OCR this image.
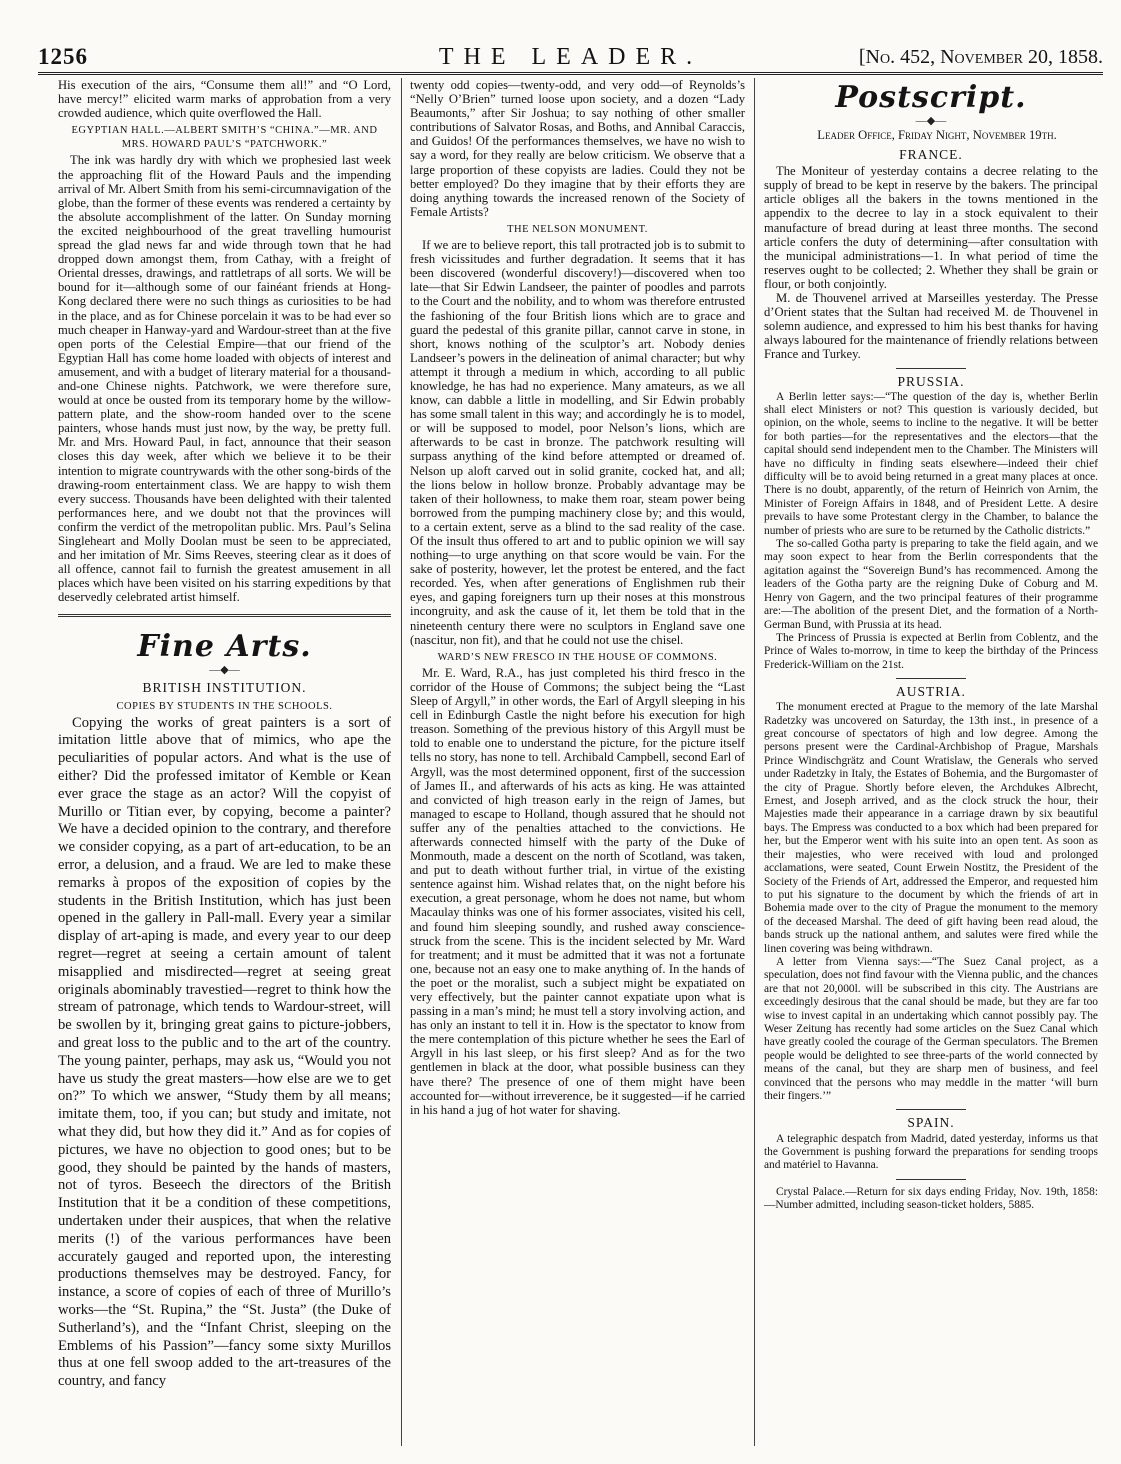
1256	THE LEADER.	[No. 452, November 20, 1858.

His execution of the airs, “Consume them all!” and “O Lord, have mercy!” elicited warm marks of approbation from a very crowded audience, which quite overflowed the Hall.

EGYPTIAN HALL.—ALBERT SMITH’S “CHINA.”—MR. AND MRS. HOWARD PAUL’S “PATCHWORK.”

The ink was hardly dry with which we prophesied last week the approaching flit of the Howard Pauls and the impending arrival of Mr. Albert Smith from his semi-circumnavigation of the globe, than the former of these events was rendered a certainty by the absolute accomplishment of the latter. On Sunday morning the excited neighbourhood of the great travelling humourist spread the glad news far and wide through town that he had dropped down amongst them, from Cathay, with a freight of Oriental dresses, drawings, and rattletraps of all sorts. We will be bound for it—although some of our fainéant friends at Hong-Kong declared there were no such things as curiosities to be had in the place, and as for Chinese porcelain it was to be had ever so much cheaper in Hanway-yard and Wardour-street than at the five open ports of the Celestial Empire—that our friend of the Egyptian Hall has come home loaded with objects of interest and amusement, and with a budget of literary material for a thousand-and-one Chinese nights. Patchwork, we were therefore sure, would at once be ousted from its temporary home by the willow-pattern plate, and the show-room handed over to the scene painters, whose hands must just now, by the way, be pretty full. Mr. and Mrs. Howard Paul, in fact, announce that their season closes this day week, after which we believe it to be their intention to migrate countrywards with the other song-birds of the drawing-room entertainment class. We are happy to wish them every success. Thousands have been delighted with their talented performances here, and we doubt not that the provinces will confirm the verdict of the metropolitan public. Mrs. Paul’s Selina Singleheart and Molly Doolan must be seen to be appreciated, and her imitation of Mr. Sims Reeves, steering clear as it does of all offence, cannot fail to furnish the greatest amusement in all places which have been visited on his starring expeditions by that deservedly celebrated artist himself.

Fine Arts.

—◆—

BRITISH INSTITUTION.

COPIES BY STUDENTS IN THE SCHOOLS.

Copying the works of great painters is a sort of imitation little above that of mimics, who ape the peculiarities of popular actors. And what is the use of either? Did the professed imitator of Kemble or Kean ever grace the stage as an actor? Will the copyist of Murillo or Titian ever, by copying, become a painter? We have a decided opinion to the contrary, and therefore we consider copying, as a part of art-education, to be an error, a delusion, and a fraud. We are led to make these remarks à propos of the exposition of copies by the students in the British Institution, which has just been opened in the gallery in Pall-mall. Every year a similar display of art-aping is made, and every year to our deep regret—regret at seeing a certain amount of talent misapplied and misdirected—regret at seeing great originals abominably travestied—regret to think how the stream of patronage, which tends to Wardour-street, will be swollen by it, bringing great gains to picture-jobbers, and great loss to the public and to the art of the country. The young painter, perhaps, may ask us, “Would you not have us study the great masters—how else are we to get on?” To which we answer, “Study them by all means; imitate them, too, if you can; but study and imitate, not what they did, but how they did it.” And as for copies of pictures, we have no objection to good ones; but to be good, they should be painted by the hands of masters, not of tyros. Beseech the directors of the British Institution that it be a condition of these competitions, undertaken under their auspices, that when the relative merits (!) of the various performances have been accurately gauged and reported upon, the interesting productions themselves may be destroyed. Fancy, for instance, a score of copies of each of three of Murillo’s works—the “St. Rupina,” the “St. Justa” (the Duke of Sutherland’s), and the “Infant Christ, sleeping on the Emblems of his Passion”—fancy some sixty Murillos thus at one fell swoop added to the art-treasures of the country, and fancy

twenty odd copies—twenty-odd, and very odd—of Reynolds’s “Nelly O’Brien” turned loose upon society, and a dozen “Lady Beaumonts,” after Sir Joshua; to say nothing of other smaller contributions of Salvator Rosas, and Boths, and Annibal Caraccis, and Guidos! Of the performances themselves, we have no wish to say a word, for they really are below criticism. We observe that a large proportion of these copyists are ladies. Could they not be better employed? Do they imagine that by their efforts they are doing anything towards the increased renown of the Society of Female Artists?

THE NELSON MONUMENT.

If we are to believe report, this tall protracted job is to submit to fresh vicissitudes and further degradation. It seems that it has been discovered (wonderful discovery!)—discovered when too late—that Sir Edwin Landseer, the painter of poodles and parrots to the Court and the nobility, and to whom was therefore entrusted the fashioning of the four British lions which are to grace and guard the pedestal of this granite pillar, cannot carve in stone, in short, knows nothing of the sculptor’s art. Nobody denies Landseer’s powers in the delineation of animal character; but why attempt it through a medium in which, according to all public knowledge, he has had no experience. Many amateurs, as we all know, can dabble a little in modelling, and Sir Edwin probably has some small talent in this way; and accordingly he is to model, or will be supposed to model, poor Nelson’s lions, which are afterwards to be cast in bronze. The patchwork resulting will surpass anything of the kind before attempted or dreamed of. Nelson up aloft carved out in solid granite, cocked hat, and all; the lions below in hollow bronze. Probably advantage may be taken of their hollowness, to make them roar, steam power being borrowed from the pumping machinery close by; and this would, to a certain extent, serve as a blind to the sad reality of the case. Of the insult thus offered to art and to public opinion we will say nothing—to urge anything on that score would be vain. For the sake of posterity, however, let the protest be entered, and the fact recorded. Yes, when after generations of Englishmen rub their eyes, and gaping foreigners turn up their noses at this monstrous incongruity, and ask the cause of it, let them be told that in the nineteenth century there were no sculptors in England save one (nascitur, non fit), and that he could not use the chisel.

WARD’S NEW FRESCO IN THE HOUSE OF COMMONS.

Mr. E. Ward, R.A., has just completed his third fresco in the corridor of the House of Commons; the subject being the “Last Sleep of Argyll,” in other words, the Earl of Argyll sleeping in his cell in Edinburgh Castle the night before his execution for high treason. Something of the previous history of this Argyll must be told to enable one to understand the picture, for the picture itself tells no story, has none to tell. Archibald Campbell, second Earl of Argyll, was the most determined opponent, first of the succession of James II., and afterwards of his acts as king. He was attainted and convicted of high treason early in the reign of James, but managed to escape to Holland, though assured that he should not suffer any of the penalties attached to the convictions. He afterwards connected himself with the party of the Duke of Monmouth, made a descent on the north of Scotland, was taken, and put to death without further trial, in virtue of the existing sentence against him. Wishad relates that, on the night before his execution, a great personage, whom he does not name, but whom Macaulay thinks was one of his former associates, visited his cell, and found him sleeping soundly, and rushed away conscience-struck from the scene. This is the incident selected by Mr. Ward for treatment; and it must be admitted that it was not a fortunate one, because not an easy one to make anything of. In the hands of the poet or the moralist, such a subject might be expatiated on very effectively, but the painter cannot expatiate upon what is passing in a man’s mind; he must tell a story involving action, and has only an instant to tell it in. How is the spectator to know from the mere contemplation of this picture whether he sees the Earl of Argyll in his last sleep, or his first sleep? And as for the two gentlemen in black at the door, what possible business can they have there? The presence of one of them might have been accounted for—without irreverence, be it suggested—if he carried in his hand a jug of hot water for shaving.

Postscript.

—◆—

Leader Office, Friday Night, November 19th.

FRANCE.

The Moniteur of yesterday contains a decree relating to the supply of bread to be kept in reserve by the bakers. The principal article obliges all the bakers in the towns mentioned in the appendix to the decree to lay in a stock equivalent to their manufacture of bread during at least three months. The second article confers the duty of determining—after consultation with the municipal administrations—1. In what period of time the reserves ought to be collected; 2. Whether they shall be grain or flour, or both conjointly.

M. de Thouvenel arrived at Marseilles yesterday. The Presse d’Orient states that the Sultan had received M. de Thouvenel in solemn audience, and expressed to him his best thanks for having always laboured for the maintenance of friendly relations between France and Turkey.

PRUSSIA.

A Berlin letter says:—“The question of the day is, whether Berlin shall elect Ministers or not? This question is variously decided, but opinion, on the whole, seems to incline to the negative. It will be better for both parties—for the representatives and the electors—that the capital should send independent men to the Chamber. The Ministers will have no difficulty in finding seats elsewhere—indeed their chief difficulty will be to avoid being returned in a great many places at once. There is no doubt, apparently, of the return of Heinrich von Arnim, the Minister of Foreign Affairs in 1848, and of President Lette. A desire prevails to have some Protestant clergy in the Chamber, to balance the number of priests who are sure to be returned by the Catholic districts.”

The so-called Gotha party is preparing to take the field again, and we may soon expect to hear from the Berlin correspondents that the agitation against the “Sovereign Bund’s has recommenced. Among the leaders of the Gotha party are the reigning Duke of Coburg and M. Henry von Gagern, and the two principal features of their programme are:—The abolition of the present Diet, and the formation of a North-German Bund, with Prussia at its head.

The Princess of Prussia is expected at Berlin from Coblentz, and the Prince of Wales to-morrow, in time to keep the birthday of the Princess Frederick-William on the 21st.

AUSTRIA.

The monument erected at Prague to the memory of the late Marshal Radetzky was uncovered on Saturday, the 13th inst., in presence of a great concourse of spectators of high and low degree. Among the persons present were the Cardinal-Archbishop of Prague, Marshals Prince Windischgrätz and Count Wratislaw, the Generals who served under Radetzky in Italy, the Estates of Bohemia, and the Burgomaster of the city of Prague. Shortly before eleven, the Archdukes Albrecht, Ernest, and Joseph arrived, and as the clock struck the hour, their Majesties made their appearance in a carriage drawn by six beautiful bays. The Empress was conducted to a box which had been prepared for her, but the Emperor went with his suite into an open tent. As soon as their majesties, who were received with loud and prolonged acclamations, were seated, Count Erwein Nostitz, the President of the Society of the Friends of Art, addressed the Emperor, and requested him to put his signature to the document by which the friends of art in Bohemia made over to the city of Prague the monument to the memory of the deceased Marshal. The deed of gift having been read aloud, the bands struck up the national anthem, and salutes were fired while the linen covering was being withdrawn.

A letter from Vienna says:—“The Suez Canal project, as a speculation, does not find favour with the Vienna public, and the chances are that not 20,000l. will be subscribed in this city. The Austrians are exceedingly desirous that the canal should be made, but they are far too wise to invest capital in an undertaking which cannot possibly pay. The Weser Zeitung has recently had some articles on the Suez Canal which have greatly cooled the courage of the German speculators. The Bremen people would be delighted to see three-parts of the world connected by means of the canal, but they are sharp men of business, and feel convinced that the persons who may meddle in the matter ‘will burn their fingers.’”

SPAIN.

A telegraphic despatch from Madrid, dated yesterday, informs us that the Government is pushing forward the preparations for sending troops and matériel to Havanna.

Crystal Palace.—Return for six days ending Friday, Nov. 19th, 1858:—Number admitted, including season-ticket holders, 5885.
